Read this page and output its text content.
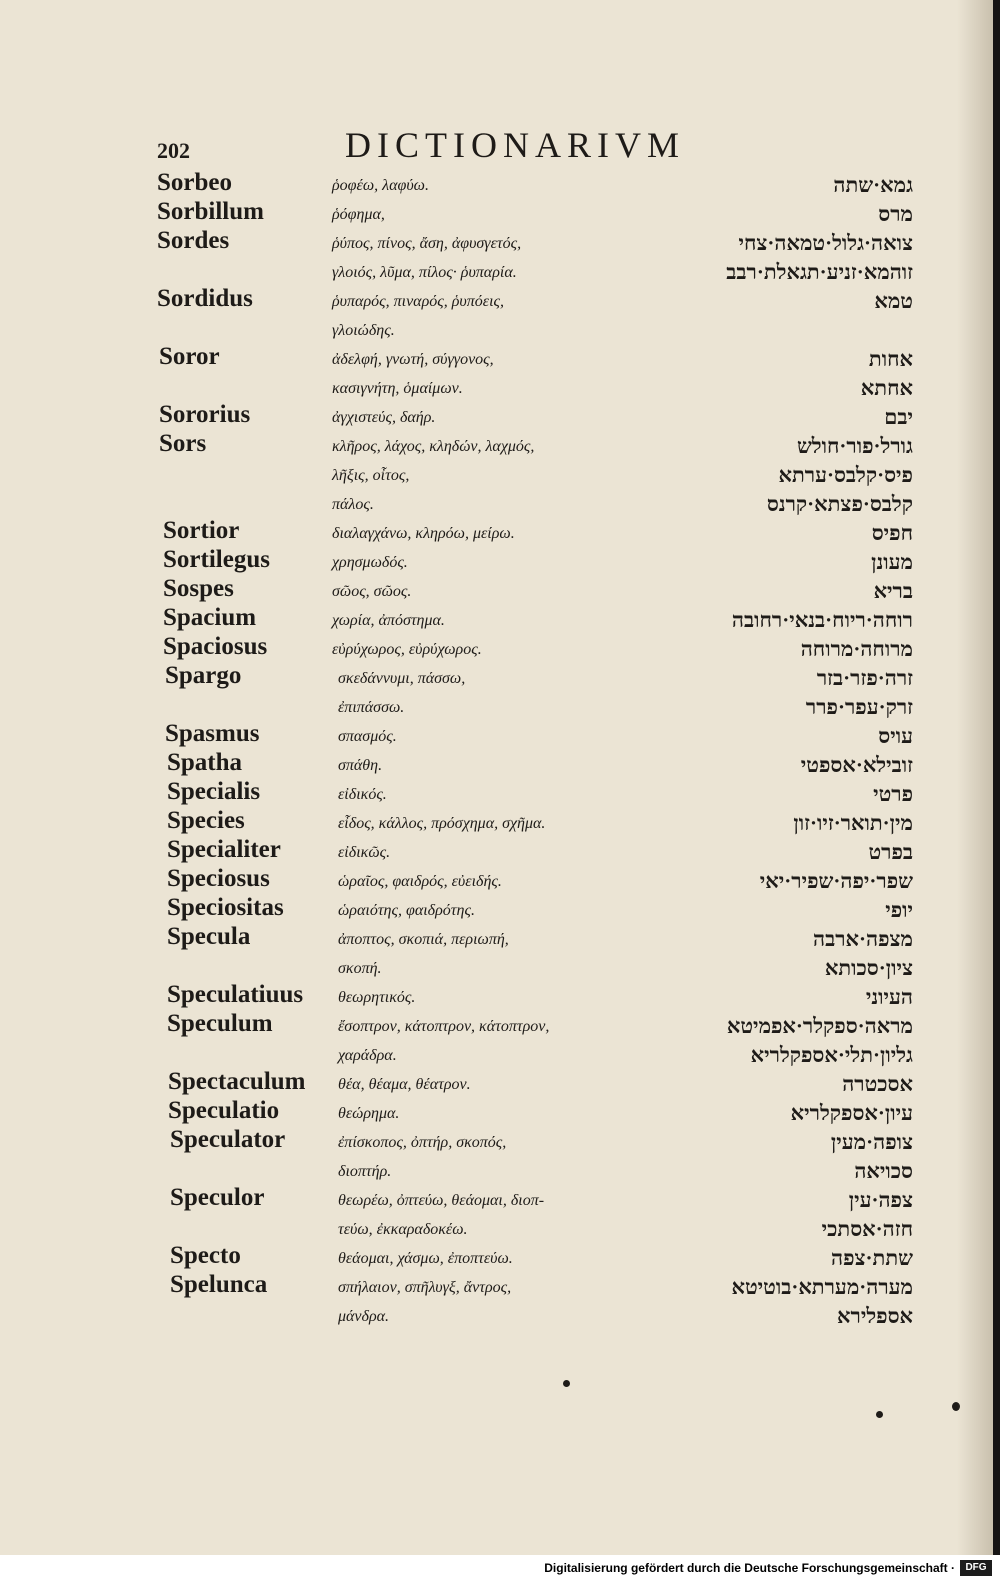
202	DICTIONARIVM
Sorbeo	ῥοφέω, λαφύω.	גמא·שתה
Sorbillum	ῥόφημα,	מרס
Sordes	ῥύπος, πίνος, ἄση, ἀφυσγετός,	צואה·גלול·טמאה·צחי
γλοιός, λῦμα, πίλος· ῥυπαρία.	זוהמא·זניע·תגאלת·רבב
Sordidus	ῥυπαρός, πιναρός, ῥυπόεις,	טמא
γλοιώδης.
Soror	ἀδελφή, γνωτή, σύγγονος,	אחות
κασιγνήτη, ὁμαίμων.	אחתא
Sororius	ἀγχιστεύς, δαήρ.	יבם
Sors	κλῆρος, λάχος, κληδών, λαχμός,	גורל·פור·חולש
λῆξις, οἶτος,	פיס·קלבס·ערתא
πάλος.	קלבס·פצתא·קרנס
Sortior	διαλαγχάνω, κληρόω, μείρω.	חפיס
Sortilegus	χρησμωδός.	מעונן
Sospes	σῶος, σῶος.	בריא
Spacium	χωρία, ἀπόστημα.	רוחה·ריוח·בנאי·רחובה
Spaciosus	εὐρύχωρος, εὐρύχωρος.	מרוחה·מרוחה
Spargo	σκεδάννυμι, πάσσω,	זרה·פזר·בזר
ἐπιπάσσω.	זרק·עפר·פרר
Spasmus	σπασμός.	עויס
Spatha	σπάθη.	זובילא·אספטי
Specialis	εἰδικός.	פרטי
Species	εἶδος, κάλλος, πρόσχημα, σχῆμα.	מין·תואר·זיו·זון
Specialiter	εἰδικῶς.	בפרט
Speciosus	ὡραῖος, φαιδρός, εὐειδής.	שפר·יפה·שפיר·יאי
Speciositas	ὡραιότης, φαιδρότης.	יופי
Specula	ἀποπτος, σκοπιά, περιωπή,	מצפה·ארבה
σκοπή.	ציון·סכותא
Speculatiuus θεωρητικός.	העיוני
Speculum	ἔσοπτρον, κάτοπτρον, κάτοπτρον,	מראה·ספקלר·אפמיטא
χαράδρα.	גליון·תלי·אספקלריא
Spectaculum θέα, θέαμα, θέατρον.	אסכטרה
Speculatio	θεώρημα.	עיון·אספקלריא
Speculator	ἐπίσκοπος, ὀπτήρ, σκοπός,	צופה·מעין
διοπτήρ.	סכויאה
Speculor	θεωρέω, ὀπτεύω, θεάομαι, διοπ-	צפה·עין
τεύω, ἐκκαραδοκέω.	חזה·אסתכי
Specto	θεάομαι, χάσμω, ἐποπτεύω.	שתת·צפה
Spelunca	σπήλαιον, σπῆλυγξ, ἄντρος,	מערה·מערתא·בוטיטא
μάνδρα.	אספלירא
Digitalisierung gefördert durch die Deutsche Forschungsgemeinschaft ·	DFG
